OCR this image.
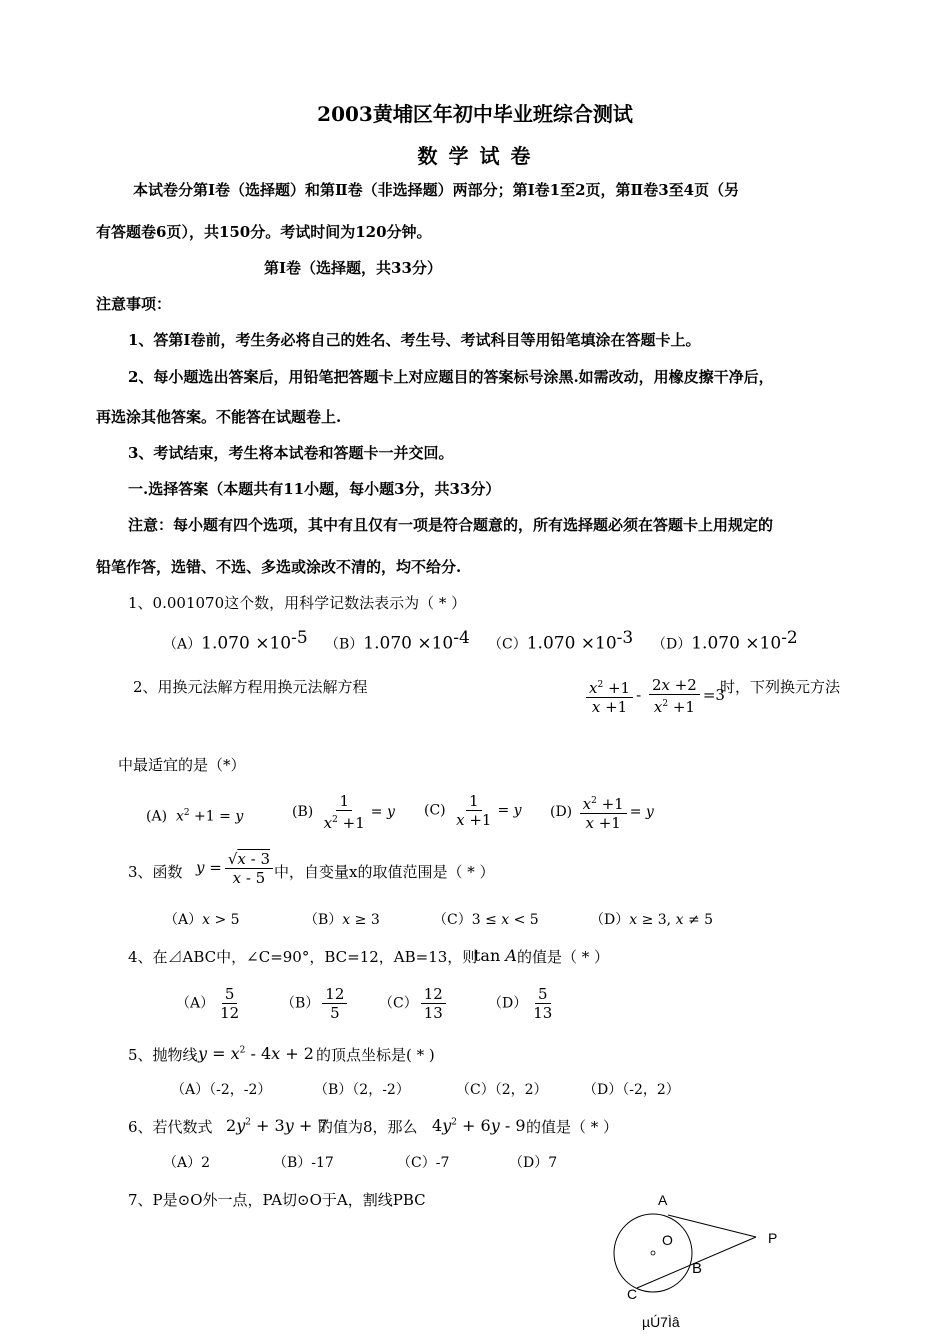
2003黄埔区年初中毕业班综合测试
数 学 试 卷
本试卷分第Ⅰ卷（选择题）和第Ⅱ卷（非选择题）两部分；第Ⅰ卷1至2页，第Ⅱ卷3至4页（另
有答题卷6页），共150分。考试时间为120分钟。
第Ⅰ卷（选择题，共33分）
注意事项：
1、答第Ⅰ卷前，考生务必将自己的姓名、考生号、考试科目等用铅笔填涂在答题卡上。
2、每小题选出答案后，用铅笔把答题卡上对应题目的答案标号涂黑.如需改动，用橡皮擦干净后，
再选涂其他答案。不能答在试题卷上.
3、考试结束，考生将本试卷和答题卡一并交回。
一.选择答案（本题共有11小题，每小题3分，共33分）
注意：每小题有四个选项，其中有且仅有一项是符合题意的，所有选择题必须在答题卡上用规定的
铅笔作答，选错、不选、多选或涂改不清的，均不给分.
1、0.001070这个数，用科学记数法表示为（ * ）
$(A)1.070 \times 10^{-5}$ $(B)1.070 \times 10^{-4}$ $(C)1.070 \times 10^{-3}$ $(D)1.070 \times 10^{-2}$
2、用换元法解方程用换元法解方程	$\frac{x^2 +1}{x +1} - \frac{2x +2}{x^2 +1} =3$
时，下列换元方法
中最适宜的是（*）
(A) $x^2 +1 = y$	$(B) \frac{1}{x^2 +1} = y$ $(C) \frac{1}{x +1} = y$ $(D) \frac{x^2 +1}{x +1} = y$
3、函数 $y = \frac{√x - 3}{x - 5}$ 中，自变量x的取值范围是（ * ）
（A）x > 5	（B）x ≥ 3	（C）3 ≤ x < 5	（D）x ≥ 3, x ≠ 5
4、在⊿ABC中，∠C=90°，BC=12，AB=13，则
tan A 的值是（ * ）
$(A) \frac{5}{12}$	$(B) \frac{12}{5} (C) \frac{12}{13}$	$(D) \frac{5}{13}$
5、抛物线 $y = x^2 - 4x + 2$ 的顶点坐标是( * )
（A）（-2，-2）	（B）（2，-2）	（C）（2，2）	（D）（-2，2）
6、若代数式 $2y^2 + 3y + 7$
的值为8，那么 $4y^2 + 6y - 9$ 的值是（ * ）
（A）2	（B）-17	（C）-7	（D）7
7、P是⊙O外一点，PA切⊙O于A，割线PBC	A
O	P
B
C
µÚ7Ìâ
